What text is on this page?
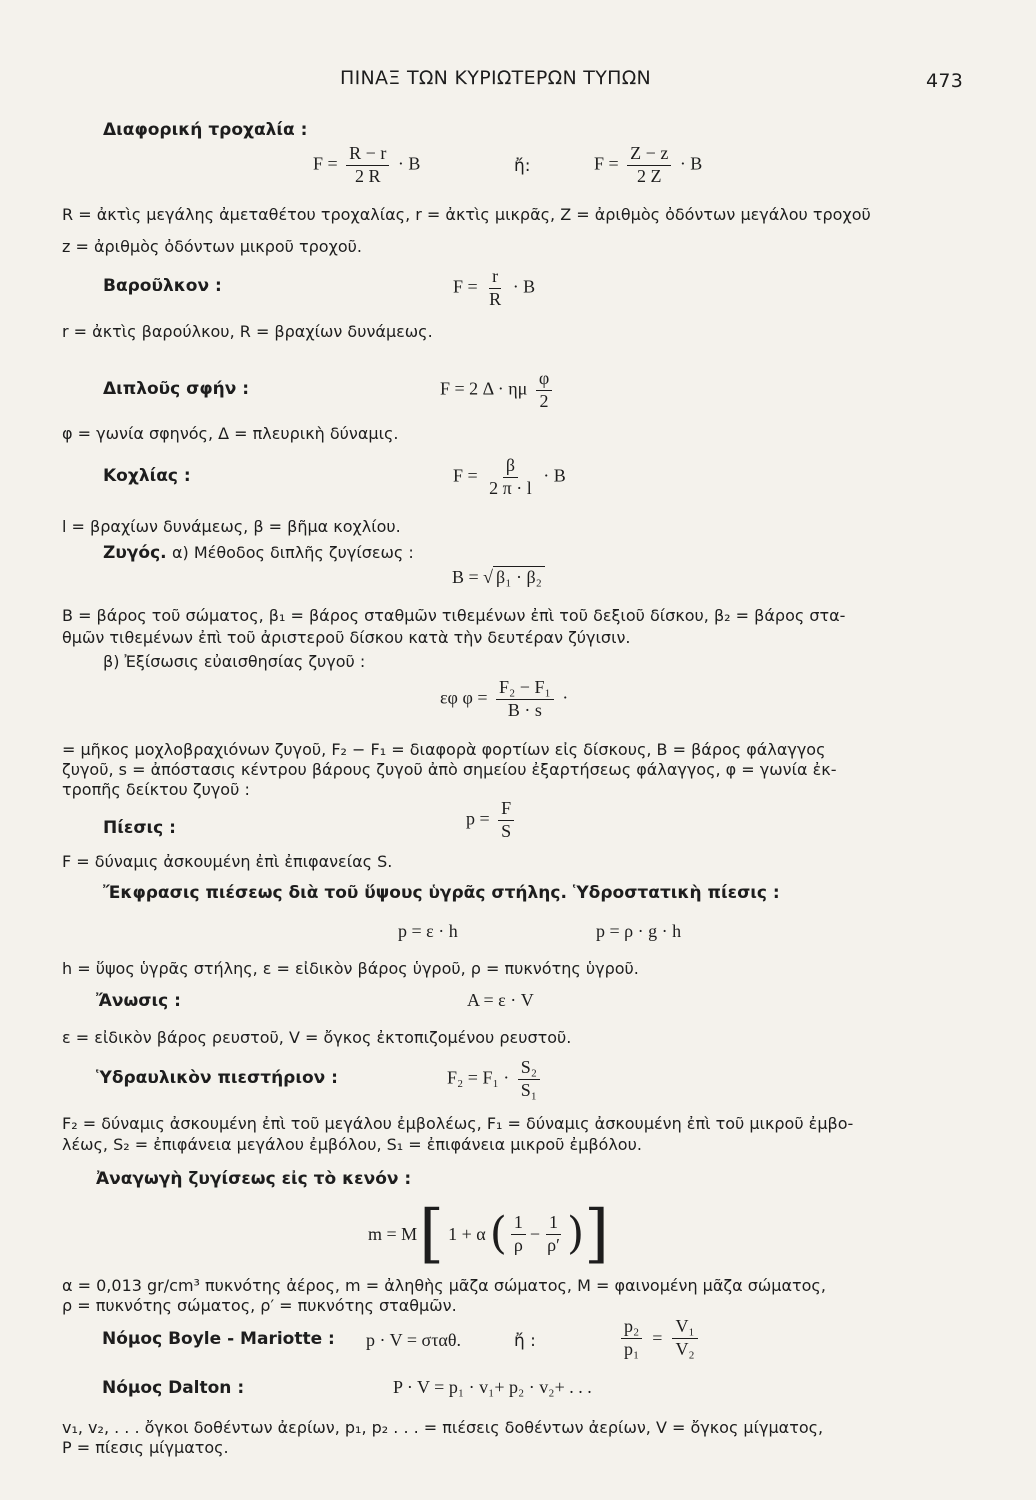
ΠΙΝΑΞ ΤΩΝ ΚΥΡΙΩΤΕΡΩΝ ΤΥΠΩΝ	473
Διαφορική τροχαλία :
$F = \frac{R - r}{2 R} \cdot B$	ἤ:	$F = \frac{Z - z}{2 Z} \cdot B$
R = ἀκτὶς μεγάλης ἀμεταθέτου τροχαλίας, r = ἀκτὶς μικρᾶς, Z = ἀριθμὸς ὀδόντων μεγάλου τροχοῦ
z = ἀριθμὸς ὀδόντων μικροῦ τροχοῦ.
Βαροῦλκον :	$F = \frac{r}{R} \cdot B$
r = ἀκτὶς βαρούλκου, R = βραχίων δυνάμεως.
Διπλοῦς σφήν :	F = 2 Δ · ημ $\frac{\varphi}{2}$
φ = γωνία σφηνός, Δ = πλευρικὴ δύναμις.
Κοχλίας :	$F = \frac{\beta}{2 \pi \cdot l} \cdot B$
l = βραχίων δυνάμεως, β = βῆμα κοχλίου.
Ζυγός. α) Μέθοδος διπλῆς ζυγίσεως :
B = √ β₁ · β₂
B = βάρος τοῦ σώματος, β₁ = βάρος σταθμῶν τιθεμένων ἐπὶ τοῦ δεξιοῦ δίσκου, β₂ = βάρος στα-
θμῶν τιθεμένων ἐπὶ τοῦ ἀριστεροῦ δίσκου κατὰ τὴν δευτέραν ζύγισιν.
β) Ἐξίσωσις εὐαισθησίας ζυγοῦ :
εφ $\varphi = \frac{\text{F₂ − F₁}}{B \cdot s}$ ·
= μῆκος μοχλοβραχιόνων ζυγοῦ, F₂ − F₁ = διαφορὰ φορτίων εἰς δίσκους, B = βάρος φάλαγγος
ζυγοῦ, s = ἀπόστασις κέντρου βάρους ζυγοῦ ἀπὸ σημείου ἐξαρτήσεως φάλαγγος, φ = γωνία ἐκ-
τροπῆς δείκτου ζυγοῦ :
Πίεσις :	$p = \frac{F}{S}$
F = δύναμις ἀσκουμένη ἐπὶ ἐπιφανείας S.
Ἔκφρασις πιέσεως διὰ τοῦ ὕψους ὑγρᾶς στήλης. Ὑδροστατικὴ πίεσις :
p = ε · h	p = ρ · g · h
h = ὕψος ὑγρᾶς στήλης, ε = εἰδικὸν βάρος ὑγροῦ, ρ = πυκνότης ὑγροῦ.
Ἄνωσις :	A = ε · V
ε = εἰδικὸν βάρος ρευστοῦ, V = ὄγκος ἐκτοπιζομένου ρευστοῦ.
Ὑδραυλικὸν πιεστήριον :	$F_2 = F_1 \cdot \frac{\text{S₂}}{\text{S₁}}$
F₂ = δύναμις ἀσκουμένη ἐπὶ τοῦ μεγάλου ἐμβολέως, F₁ = δύναμις ἀσκουμένη ἐπὶ τοῦ μικροῦ ἐμβο-
λέως, S₂ = ἐπιφάνεια μεγάλου ἐμβόλου, S₁ = ἐπιφάνεια μικροῦ ἐμβόλου.
Ἀναγωγὴ ζυγίσεως εἰς τὸ κενόν :
m = M [ 1 + α ( $\frac{1}{\rho} - \frac{1}{\rho'}$ ) ]
α = 0,013 gr/cm³ πυκνότης ἀέρος, m = ἀληθὴς μᾶζα σώματος, M = φαινομένη μᾶζα σώματος,
ρ = πυκνότης σώματος, ρ′ = πυκνότης σταθμῶν.
Νόμος Boyle - Mariotte : p · V = σταθ.	ἤ :	$\frac{\text{p₂}}{\text{p₁}} = \frac{\text{V₁}}{\text{V₂}}$
Νόμος Dalton :	P · V = p₁ · v₁+ p₂ · v₂+ . . .
v₁, v₂, . . . ὄγκοι δοθέντων ἀερίων, p₁, p₂ . . . = πιέσεις δοθέντων ἀερίων, V = ὄγκος μίγματος,
P = πίεσις μίγματος.
